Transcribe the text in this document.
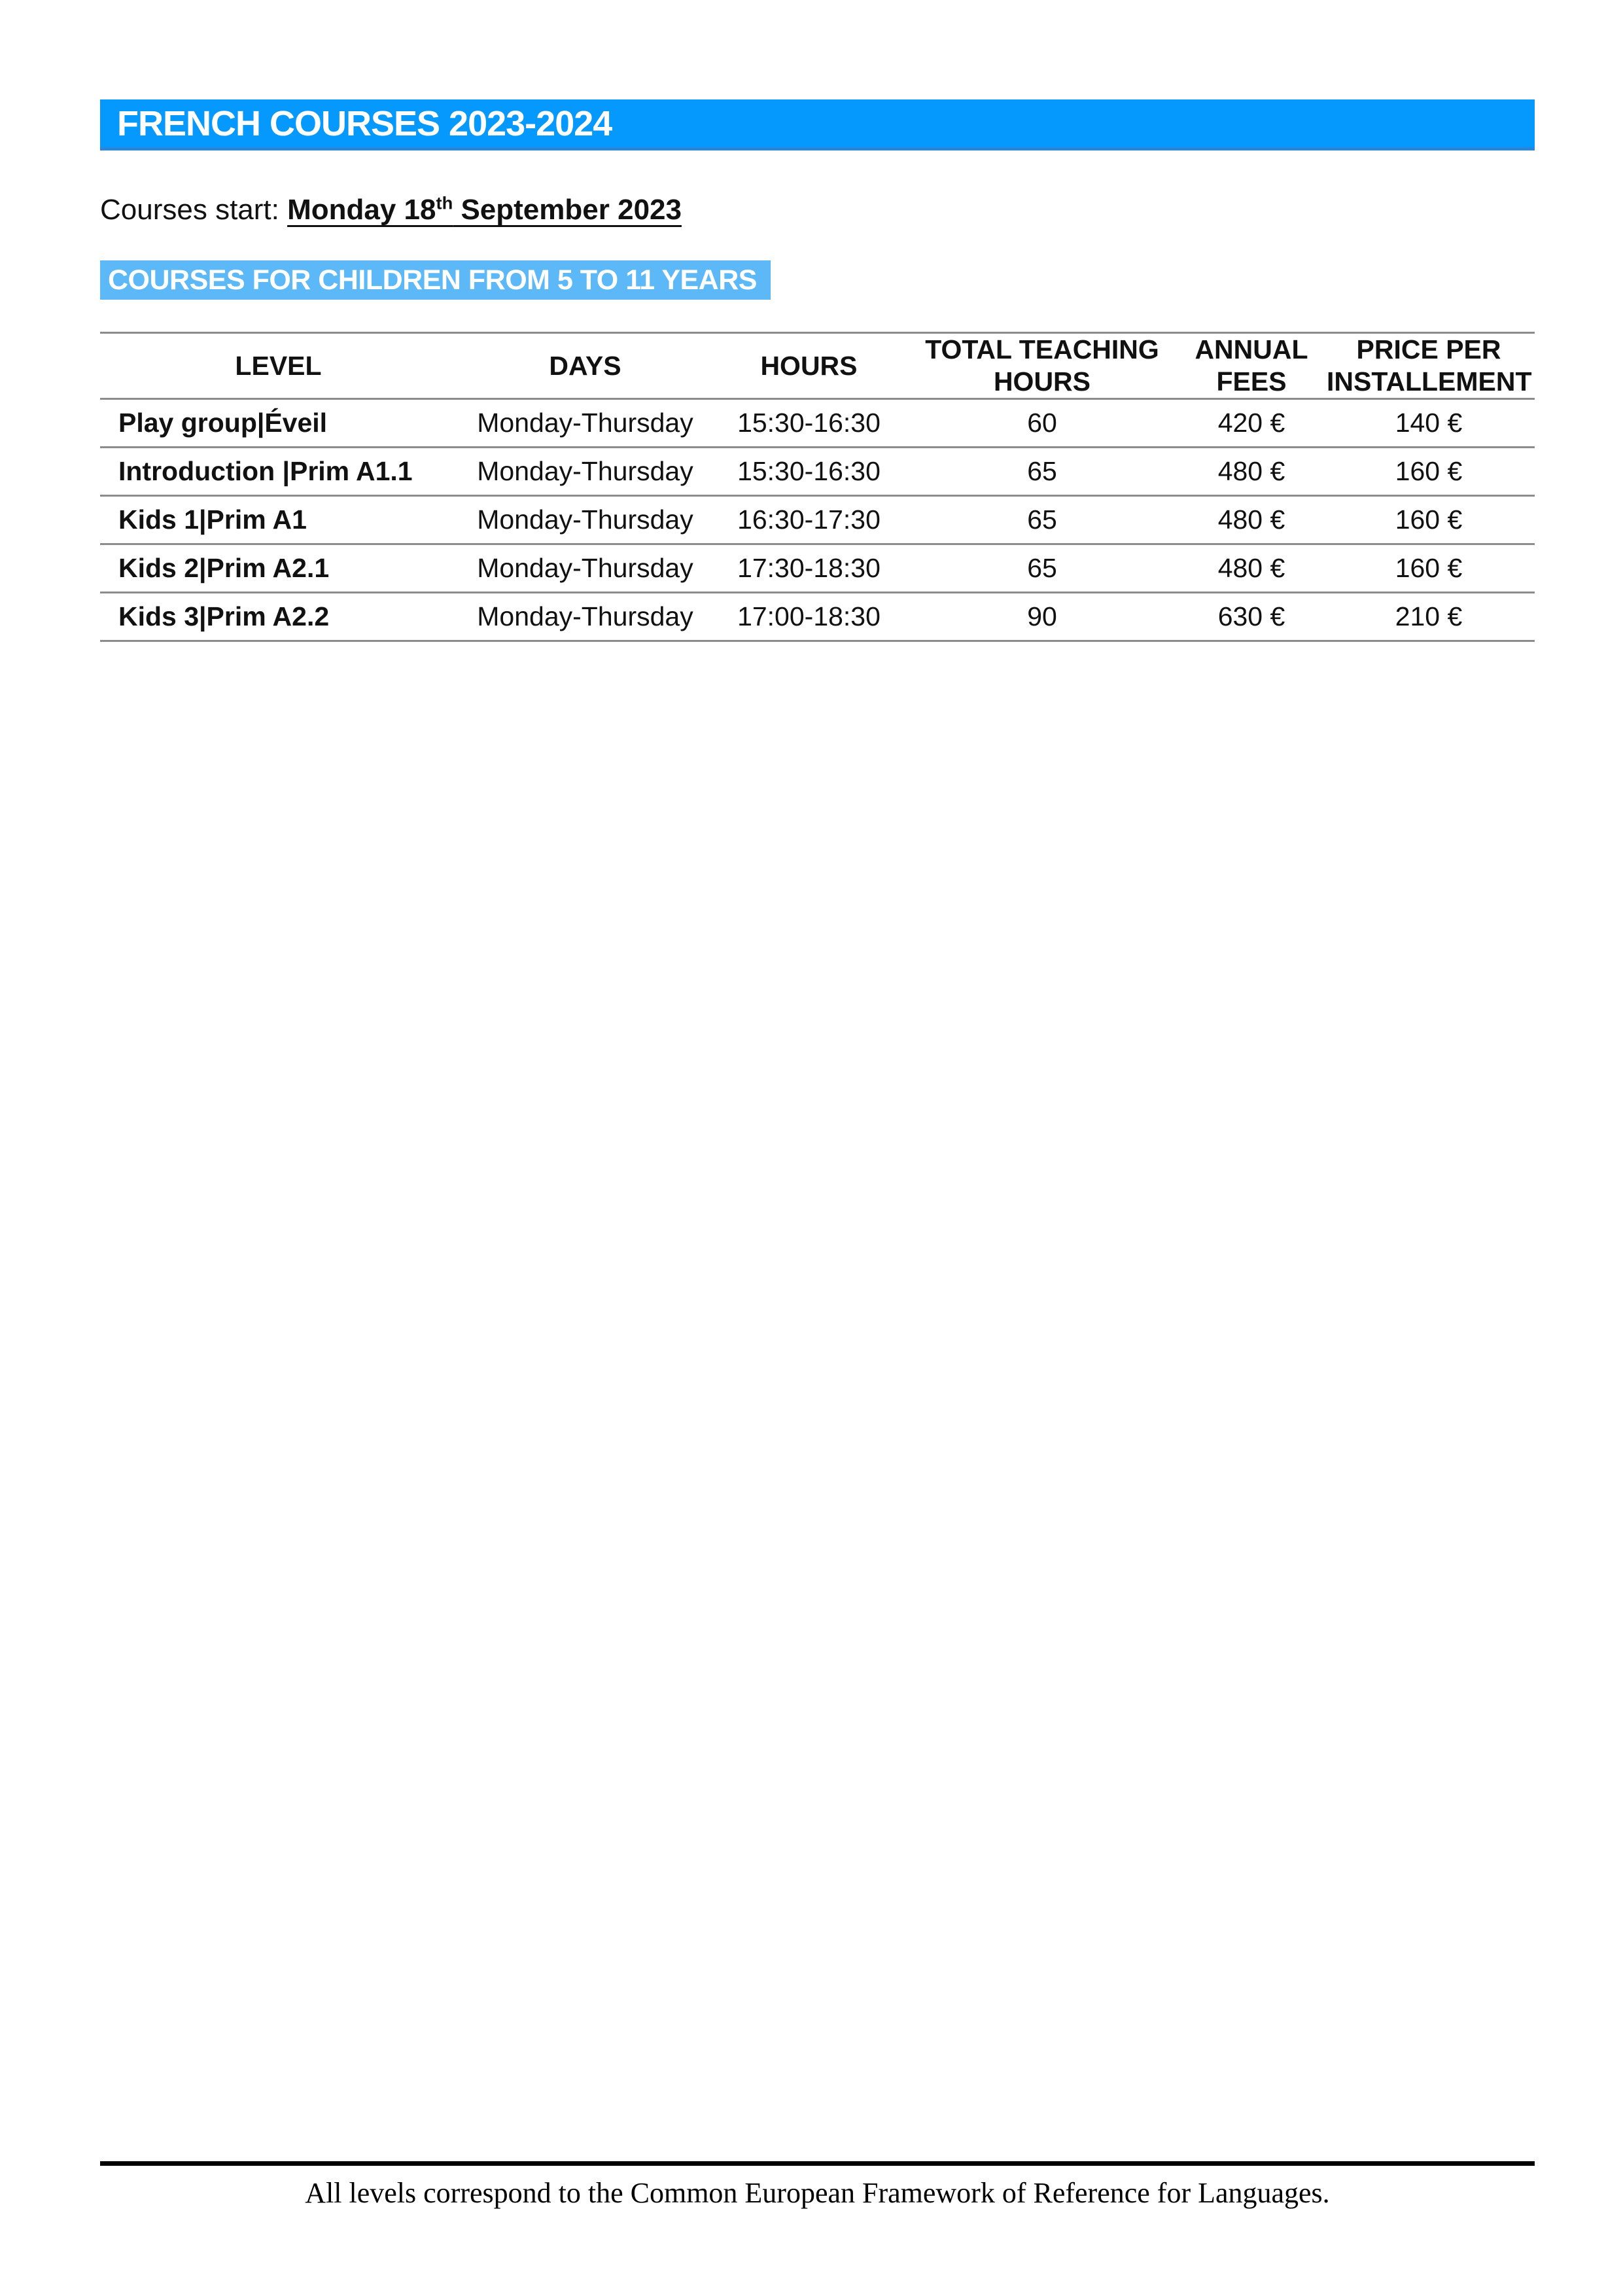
FRENCH COURSES 2023-2024

Courses start: Monday 18th September 2023

COURSES FOR CHILDREN FROM 5 TO 11 YEARS
LEVEL	DAYS	HOURS	TOTAL TEACHING HOURS	ANNUAL FEES	PRICE PER INSTALLEMENT
Play group|Éveil	Monday-Thursday	15:30-16:30	60	420 €	140 €
Introduction |Prim A1.1	Monday-Thursday	15:30-16:30	65	480 €	160 €
Kids 1|Prim A1	Monday-Thursday	16:30-17:30	65	480 €	160 €
Kids 2|Prim A2.1	Monday-Thursday	17:30-18:30	65	480 €	160 €
Kids 3|Prim A2.2	Monday-Thursday	17:00-18:30	90	630 €	210 €

All levels correspond to the Common European Framework of Reference for Languages.
